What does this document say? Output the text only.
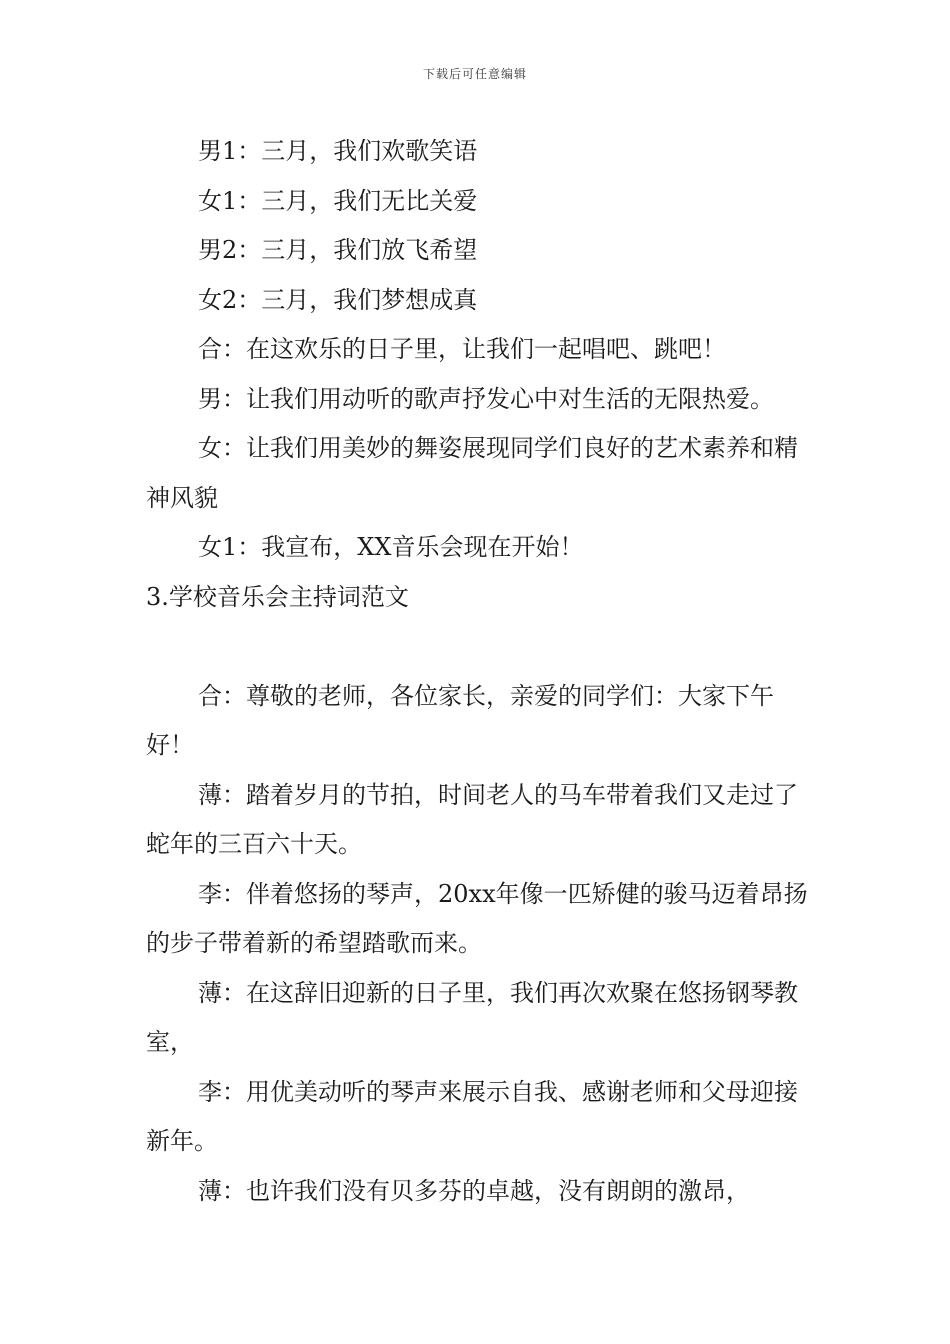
下载后可任意编辑

男1：三月，我们欢歌笑语

女1：三月，我们无比关爱

男2：三月，我们放飞希望

女2：三月，我们梦想成真

合：在这欢乐的日子里，让我们一起唱吧、跳吧！

男：让我们用动听的歌声抒发心中对生活的无限热爱。

女：让我们用美妙的舞姿展现同学们良好的艺术素养和精神风貌

女1：我宣布，XX音乐会现在开始！

3.学校音乐会主持词范文

合：尊敬的老师，各位家长，亲爱的同学们：大家下午好！

薄：踏着岁月的节拍，时间老人的马车带着我们又走过了蛇年的三百六十天。

李：伴着悠扬的琴声，20xx年像一匹矫健的骏马迈着昂扬的步子带着新的希望踏歌而来。

薄：在这辞旧迎新的日子里，我们再次欢聚在悠扬钢琴教室，

李：用优美动听的琴声来展示自我、感谢老师和父母迎接新年。

薄：也许我们没有贝多芬的卓越，没有朗朗的激昂，
